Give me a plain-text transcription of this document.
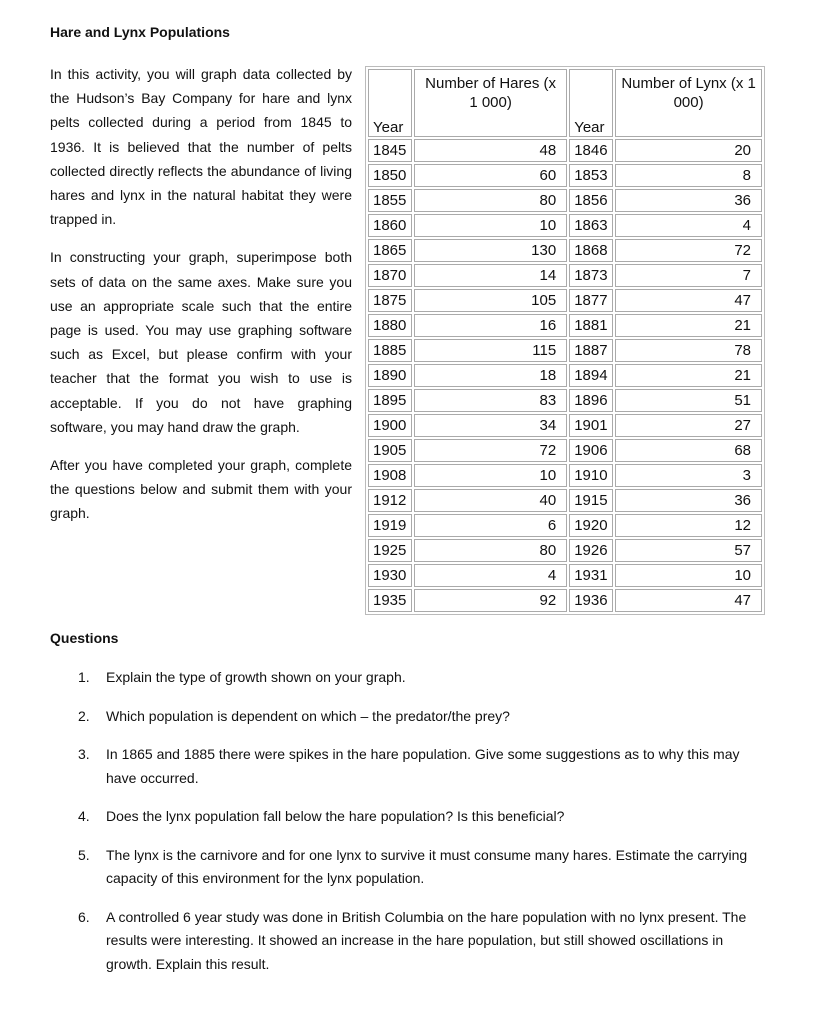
Hare and Lynx Populations

In this activity, you will graph data collected by the Hudson’s Bay Company for hare and lynx pelts collected during a period from 1845 to 1936. It is believed that the number of pelts collected directly reflects the abundance of living hares and lynx in the natural habitat they were trapped in.

In constructing your graph, superimpose both sets of data on the same axes. Make sure you use an appropriate scale such that the entire page is used. You may use graphing software such as Excel, but please confirm with your teacher that the format you wish to use is acceptable. If you do not have graphing software, you may hand draw the graph.

After you have completed your graph, complete the questions below and submit them with your graph.

Year	Number of Hares (x 1 000)	Year	Number of Lynx (x 1 000)
1845	48	1846	20
1850	60	1853	8
1855	80	1856	36
1860	10	1863	4
1865	130	1868	72
1870	14	1873	7
1875	105	1877	47
1880	16	1881	21
1885	115	1887	78
1890	18	1894	21
1895	83	1896	51
1900	34	1901	27
1905	72	1906	68
1908	10	1910	3
1912	40	1915	36
1919	6	1920	12
1925	80	1926	57
1930	4	1931	10
1935	92	1936	47
Questions
1.	Explain the type of growth shown on your graph.
2.	Which population is dependent on which – the predator/the prey?
3.	In 1865 and 1885 there were spikes in the hare population. Give some suggestions as to why this may have occurred.
4.	Does the lynx population fall below the hare population? Is this beneficial?
5.	The lynx is the carnivore and for one lynx to survive it must consume many hares. Estimate the carrying capacity of this environment for the lynx population.
6.	A controlled 6 year study was done in British Columbia on the hare population with no lynx present. The results were interesting. It showed an increase in the hare population, but still showed oscillations in growth. Explain this result.
